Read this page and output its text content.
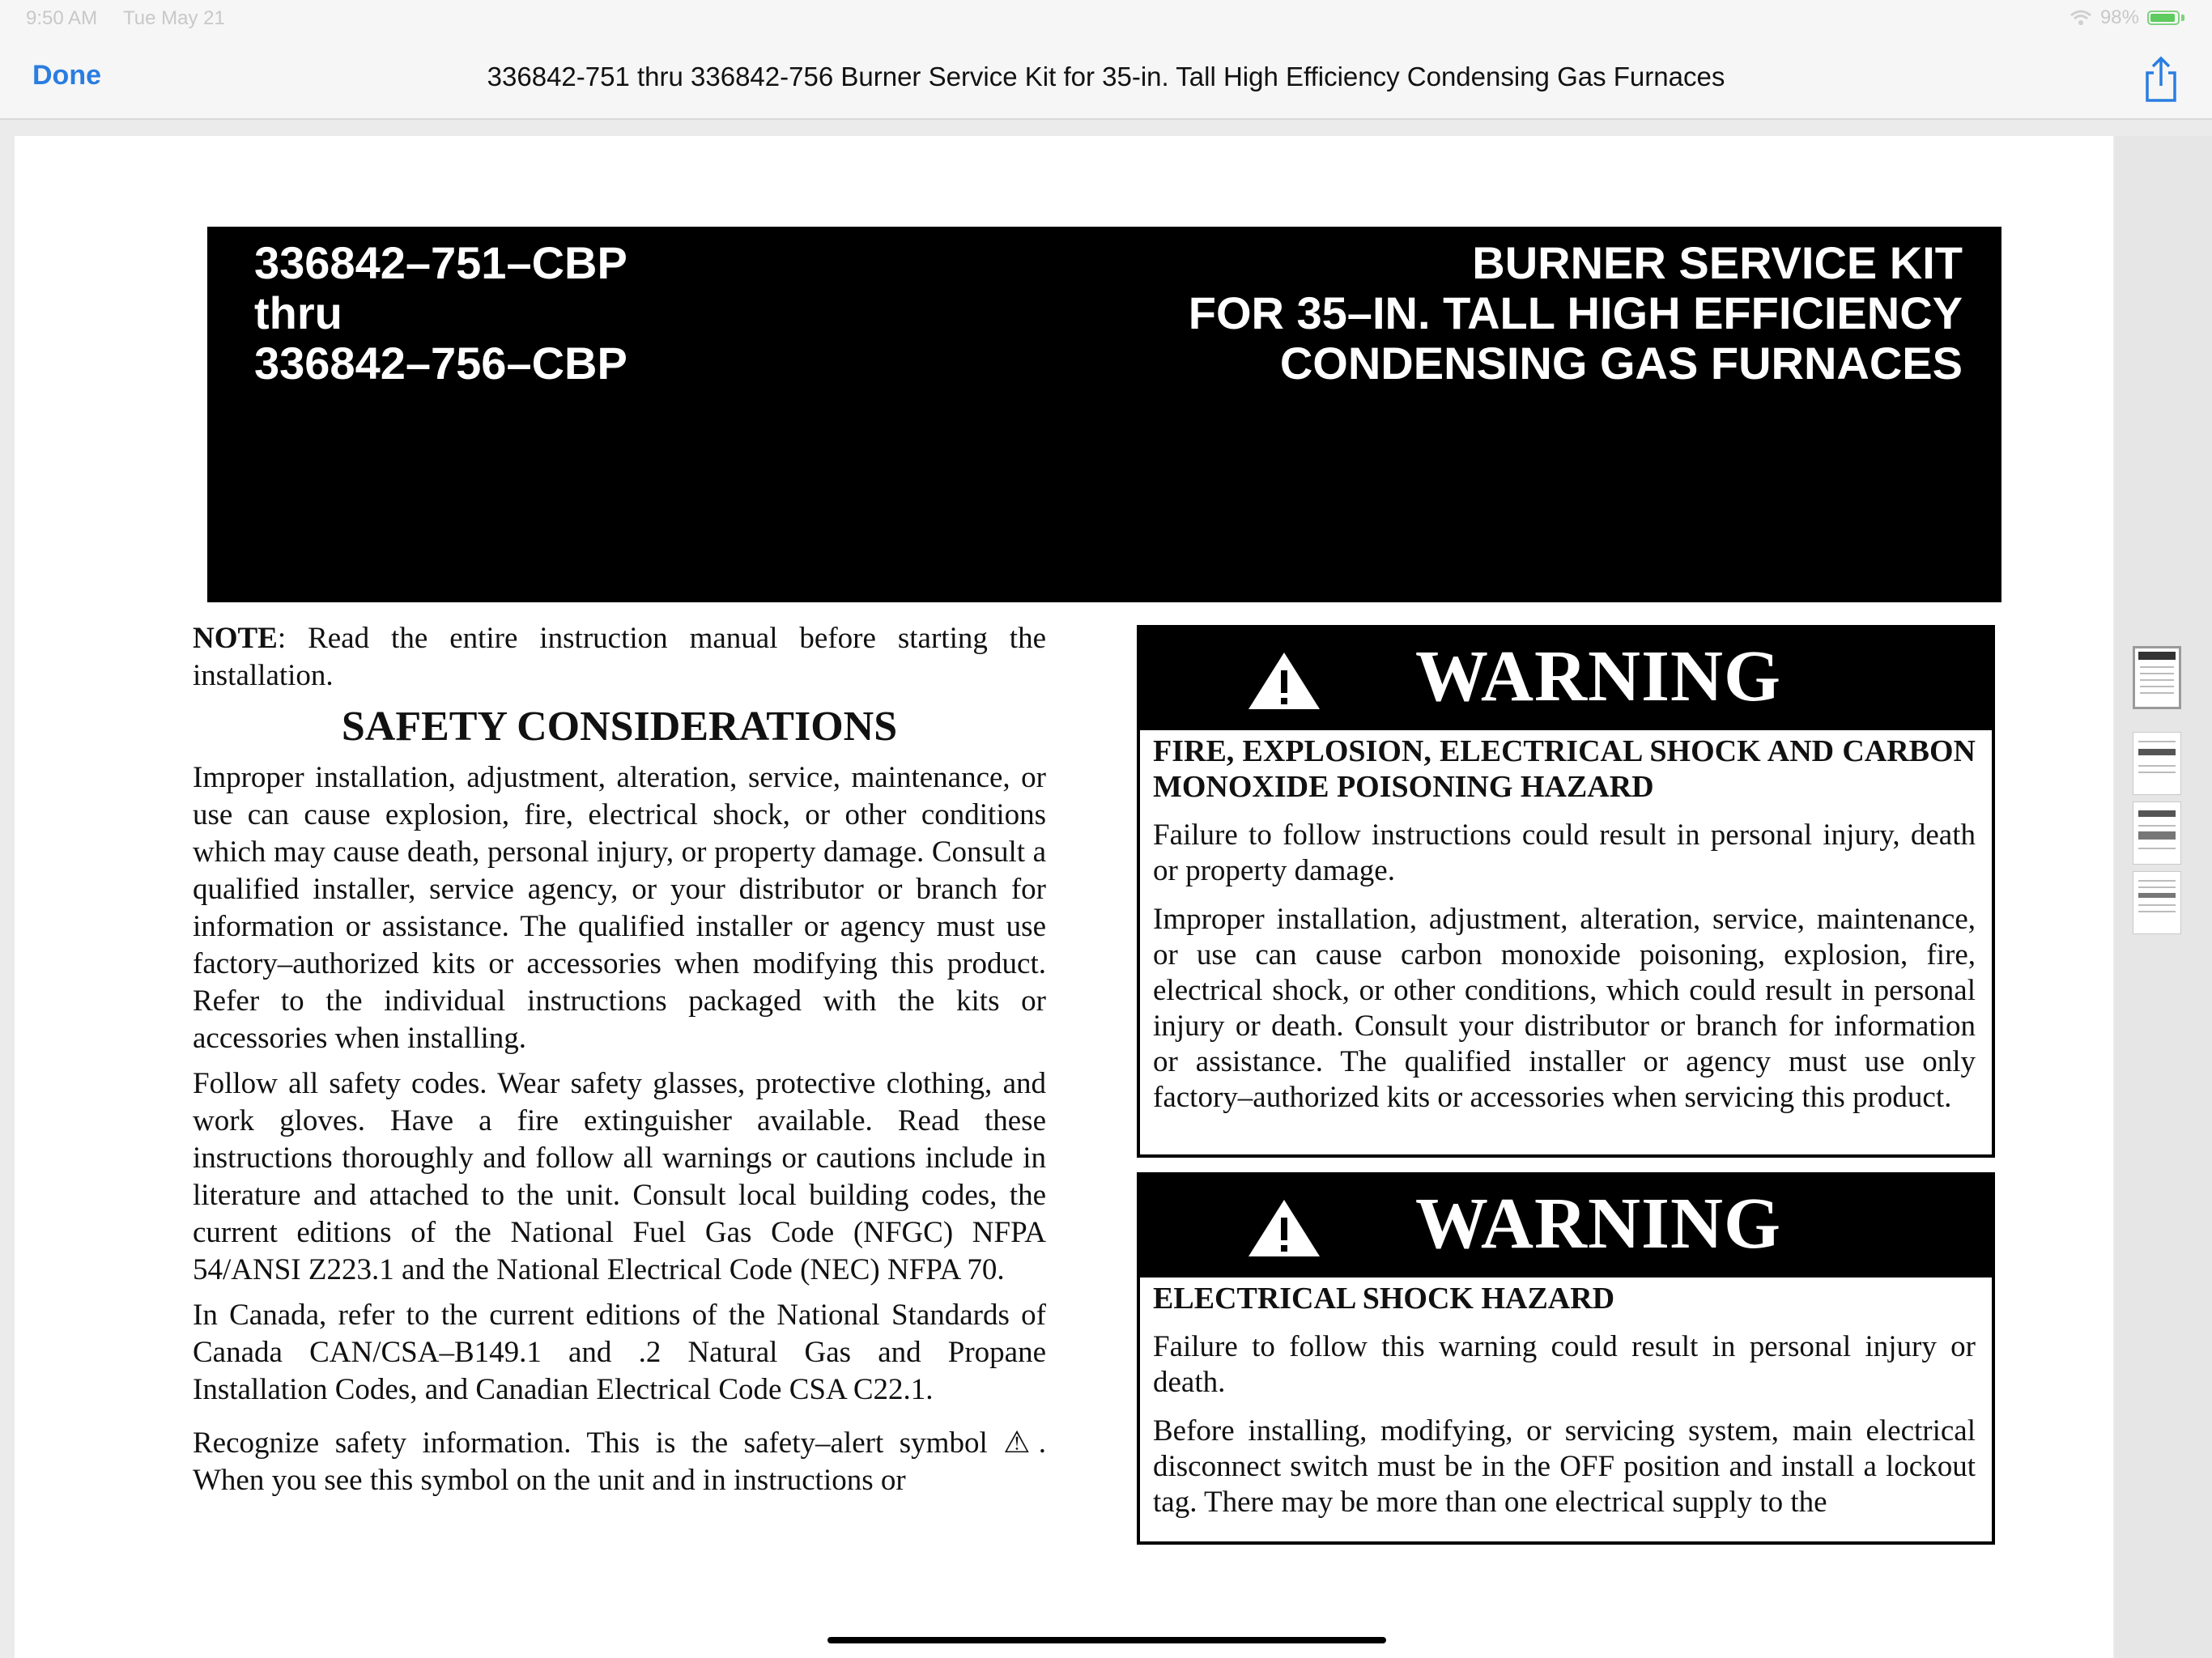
9:50 AM Tue May 21	98%
Done	336842-751 thru 336842-756 Burner Service Kit for 35-in. Tall High Efficiency Condensing Gas Furnaces
336842–751–CBP
thru
336842–756–CBP
BURNER SERVICE KIT
FOR 35–IN. TALL HIGH EFFICIENCY
CONDENSING GAS FURNACES
Installation Instructions

NOTE: Read the entire instruction manual before starting the installation.

SAFETY CONSIDERATIONS

Improper installation, adjustment, alteration, service, maintenance, or use can cause explosion, fire, electrical shock, or other conditions which may cause death, personal injury, or property damage. Consult a qualified installer, service agency, or your distributor or branch for information or assistance. The qualified installer or agency must use factory–authorized kits or accessories when modifying this product. Refer to the individual instructions packaged with the kits or accessories when installing.

Follow all safety codes. Wear safety glasses, protective clothing, and work gloves. Have a fire extinguisher available. Read these instructions thoroughly and follow all warnings or cautions include in literature and attached to the unit. Consult local building codes, the current editions of the National Fuel Gas Code (NFGC) NFPA 54/ANSI Z223.1 and the National Electrical Code (NEC) NFPA 70.

In Canada, refer to the current editions of the National Standards of Canada CAN/CSA–B149.1 and .2 Natural Gas and Propane Installation Codes, and Canadian Electrical Code CSA C22.1.

Recognize safety information. This is the safety–alert symbol ⚠. When you see this symbol on the unit and in instructions or

WARNING
FIRE, EXPLOSION, ELECTRICAL SHOCK AND CARBON MONOXIDE POISONING HAZARD

Failure to follow instructions could result in personal injury, death or property damage.

Improper installation, adjustment, alteration, service, maintenance, or use can cause carbon monoxide poisoning, explosion, fire, electrical shock, or other conditions, which could result in personal injury or death. Consult your distributor or branch for information or assistance. The qualified installer or agency must use only factory–authorized kits or accessories when servicing this product.

WARNING
ELECTRICAL SHOCK HAZARD

Failure to follow this warning could result in personal injury or death.

Before installing, modifying, or servicing system, main electrical disconnect switch must be in the OFF position and install a lockout tag. There may be more than one electrical supply to the
